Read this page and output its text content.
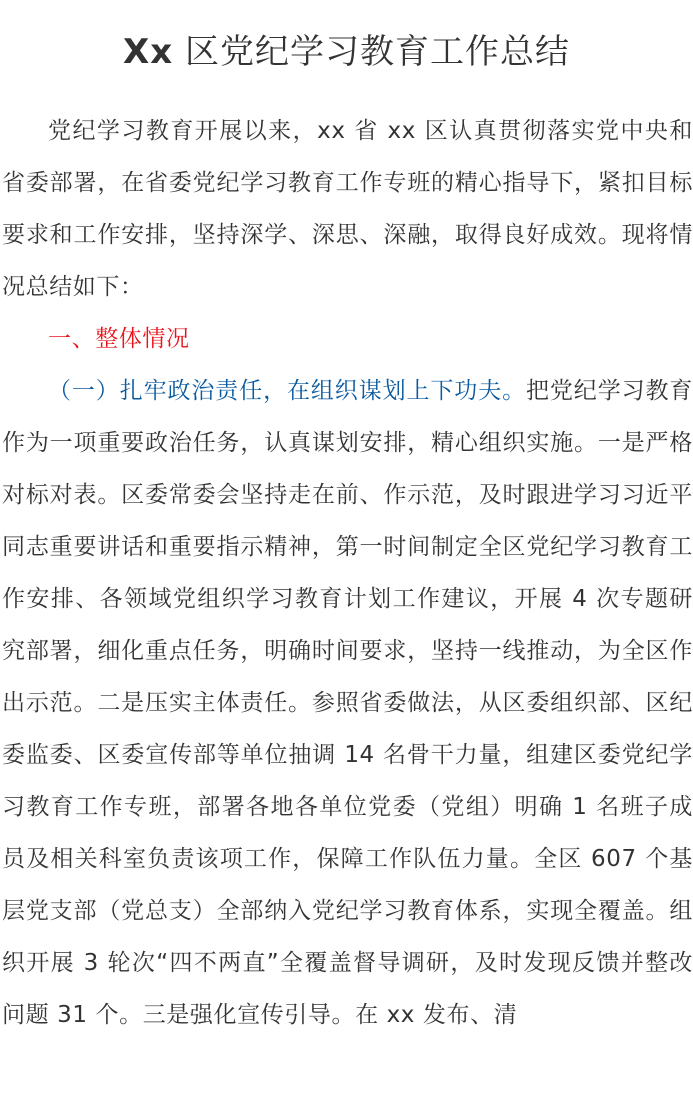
Xx 区党纪学习教育工作总结

党纪学习教育开展以来，xx 省 xx 区认真贯彻落实党中央和省委部署，在省委党纪学习教育工作专班的精心指导下，紧扣目标要求和工作安排，坚持深学、深思、深融，取得良好成效。现将情况总结如下：

一、整体情况

（一）扎牢政治责任，在组织谋划上下功夫。把党纪学习教育作为一项重要政治任务，认真谋划安排，精心组织实施。一是严格对标对表。区委常委会坚持走在前、作示范，及时跟进学习习近平同志重要讲话和重要指示精神，第一时间制定全区党纪学习教育工作安排、各领域党组织学习教育计划工作建议，开展 4 次专题研究部署，细化重点任务，明确时间要求，坚持一线推动，为全区作出示范。二是压实主体责任。参照省委做法，从区委组织部、区纪委监委、区委宣传部等单位抽调 14 名骨干力量，组建区委党纪学习教育工作专班，部署各地各单位党委（党组）明确 1 名班子成员及相关科室负责该项工作，保障工作队伍力量。全区 607 个基层党支部（党总支）全部纳入党纪学习教育体系，实现全覆盖。组织开展 3 轮次“四不两直”全覆盖督导调研，及时发现反馈并整改问题 31 个。三是强化宣传引导。在 xx 发布、清
